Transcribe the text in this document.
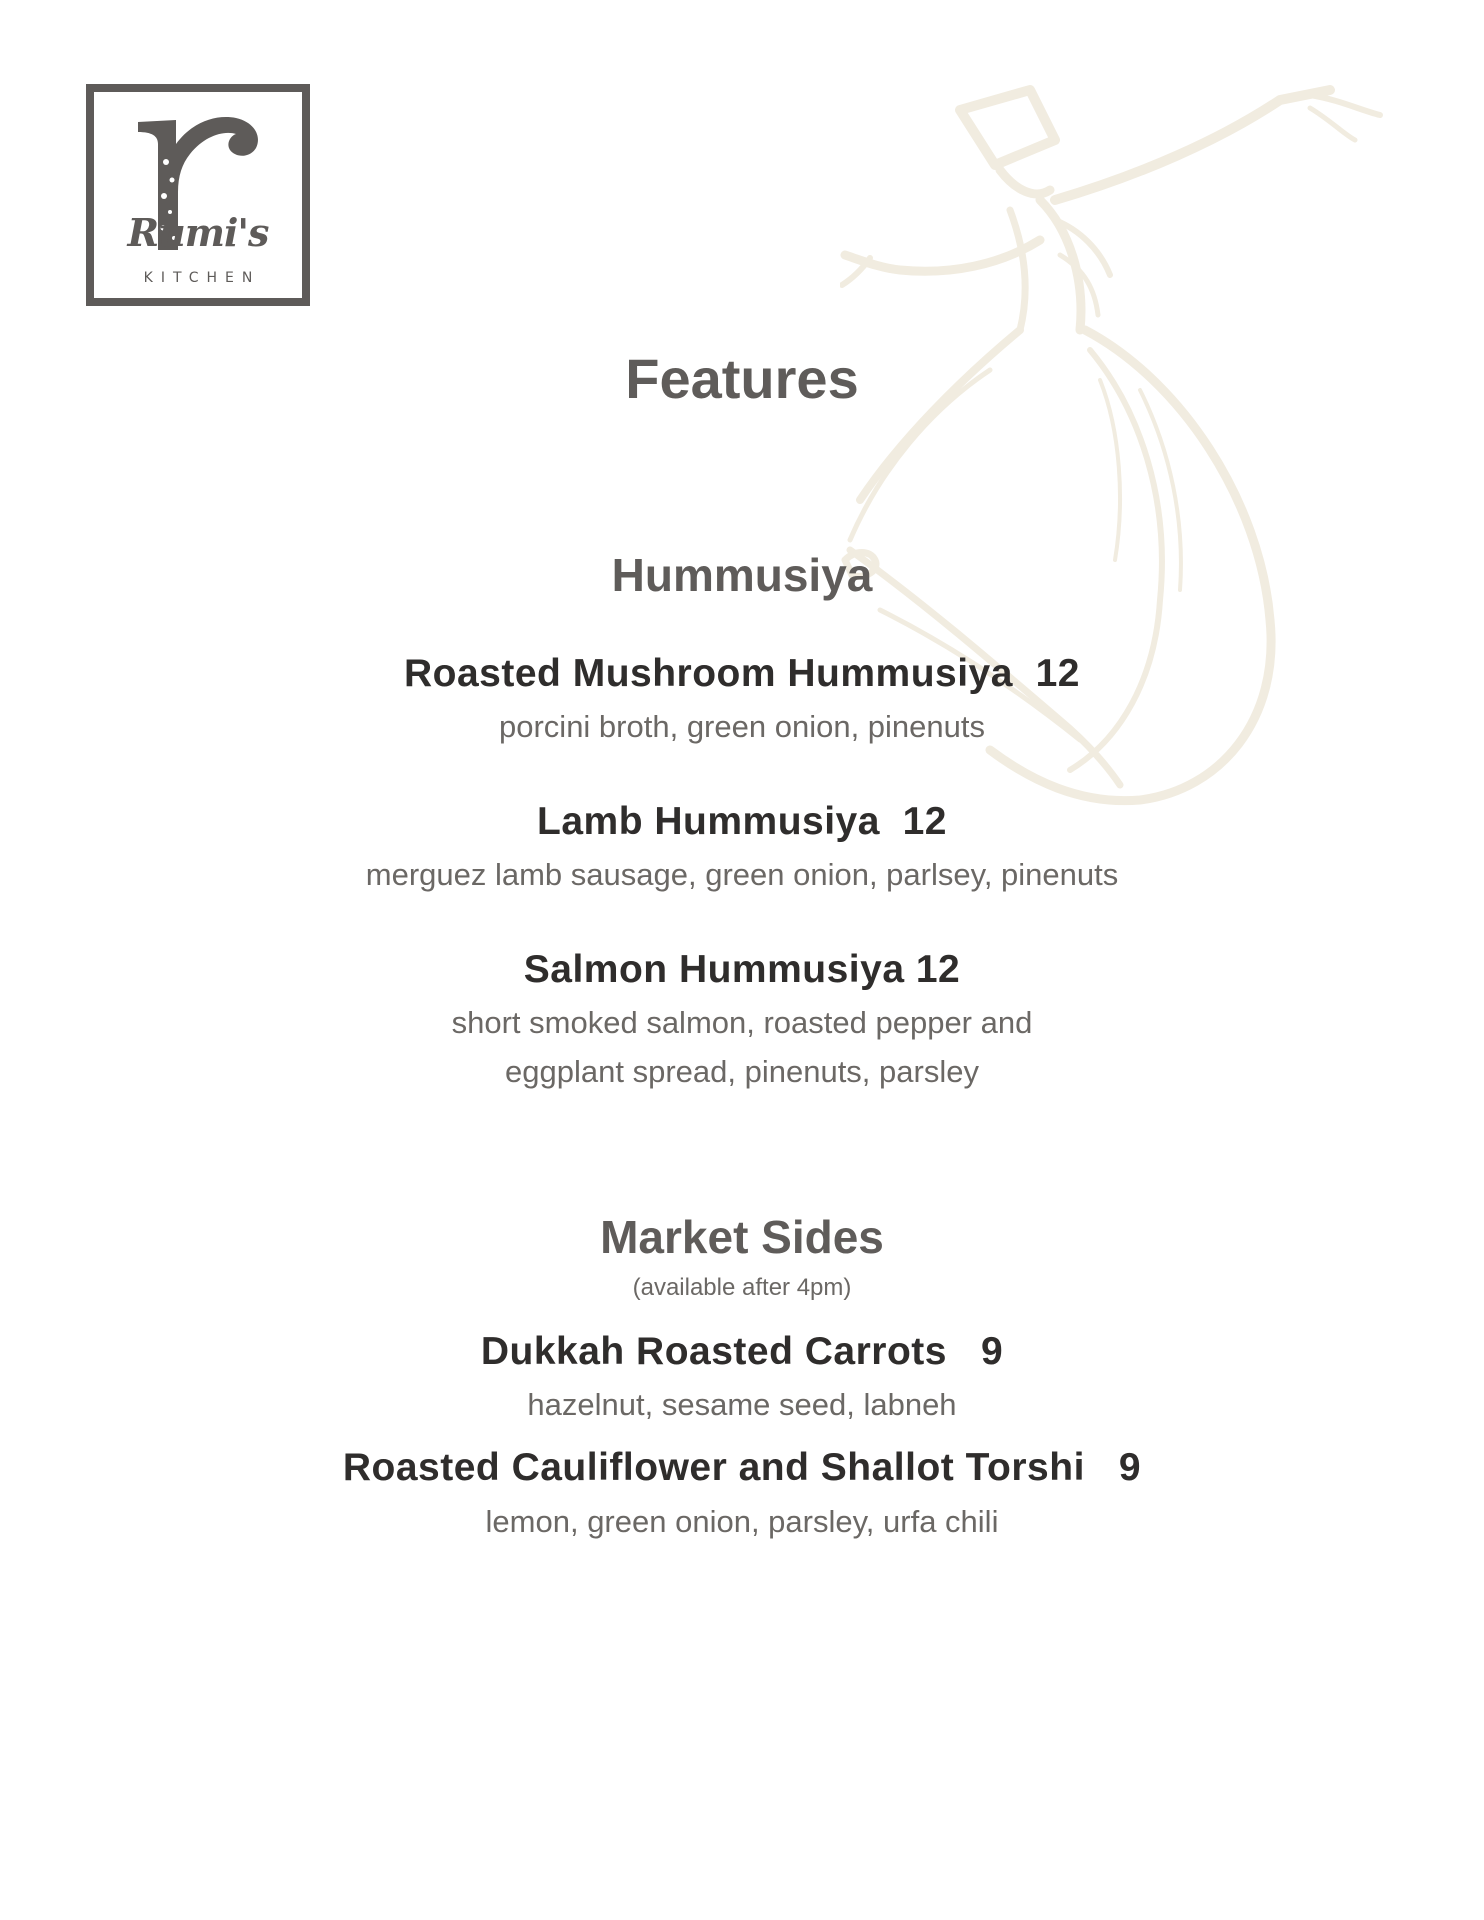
Rumi's
KITCHEN
Features
Hummusiya
Roasted Mushroom Hummusiya  12
porcini broth, green onion, pinenuts
Lamb Hummusiya  12
merguez lamb sausage, green onion, parlsey, pinenuts
Salmon Hummusiya 12
short smoked salmon, roasted pepper and
eggplant spread, pinenuts, parsley
Market Sides
(available after 4pm)
Dukkah Roasted Carrots   9
hazelnut, sesame seed, labneh
Roasted Cauliflower and Shallot Torshi   9
lemon, green onion, parsley, urfa chili
